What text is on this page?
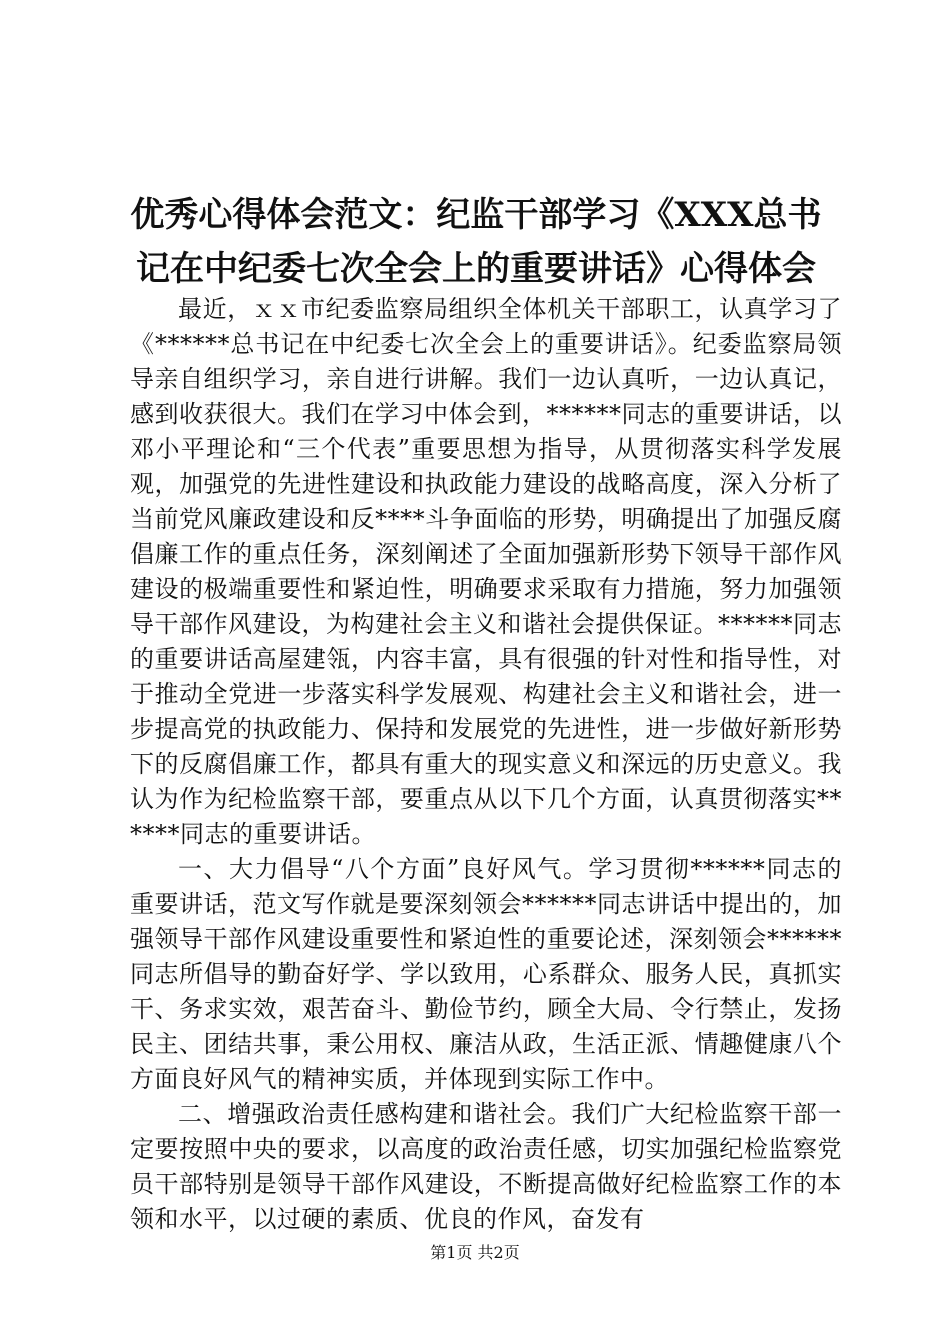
优秀心得体会范文：纪监干部学习《XXX总书记在中纪委七次全会上的重要讲话》心得体会

最近，ｘｘ市纪委监察局组织全体机关干部职工，认真学习了《******总书记在中纪委七次全会上的重要讲话》。纪委监察局领导亲自组织学习，亲自进行讲解。我们一边认真听，一边认真记，感到收获很大。我们在学习中体会到，******同志的重要讲话，以邓小平理论和“三个代表”重要思想为指导，从贯彻落实科学发展观，加强党的先进性建设和执政能力建设的战略高度，深入分析了当前党风廉政建设和反****斗争面临的形势，明确提出了加强反腐倡廉工作的重点任务，深刻阐述了全面加强新形势下领导干部作风建设的极端重要性和紧迫性，明确要求采取有力措施，努力加强领导干部作风建设，为构建社会主义和谐社会提供保证。******同志的重要讲话高屋建瓴，内容丰富，具有很强的针对性和指导性，对于推动全党进一步落实科学发展观、构建社会主义和谐社会，进一步提高党的执政能力、保持和发展党的先进性，进一步做好新形势下的反腐倡廉工作，都具有重大的现实意义和深远的历史意义。我认为作为纪检监察干部，要重点从以下几个方面，认真贯彻落实******同志的重要讲话。

一、大力倡导“八个方面”良好风气。学习贯彻******同志的重要讲话，范文写作就是要深刻领会******同志讲话中提出的，加强领导干部作风建设重要性和紧迫性的重要论述，深刻领会******同志所倡导的勤奋好学、学以致用，心系群众、服务人民，真抓实干、务求实效，艰苦奋斗、勤俭节约，顾全大局、令行禁止，发扬民主、团结共事，秉公用权、廉洁从政，生活正派、情趣健康八个方面良好风气的精神实质，并体现到实际工作中。

二、增强政治责任感构建和谐社会。我们广大纪检监察干部一定要按照中央的要求，以高度的政治责任感，切实加强纪检监察党员干部特别是领导干部作风建设，不断提高做好纪检监察工作的本领和水平，以过硬的素质、优良的作风，奋发有

第1页 共2页
